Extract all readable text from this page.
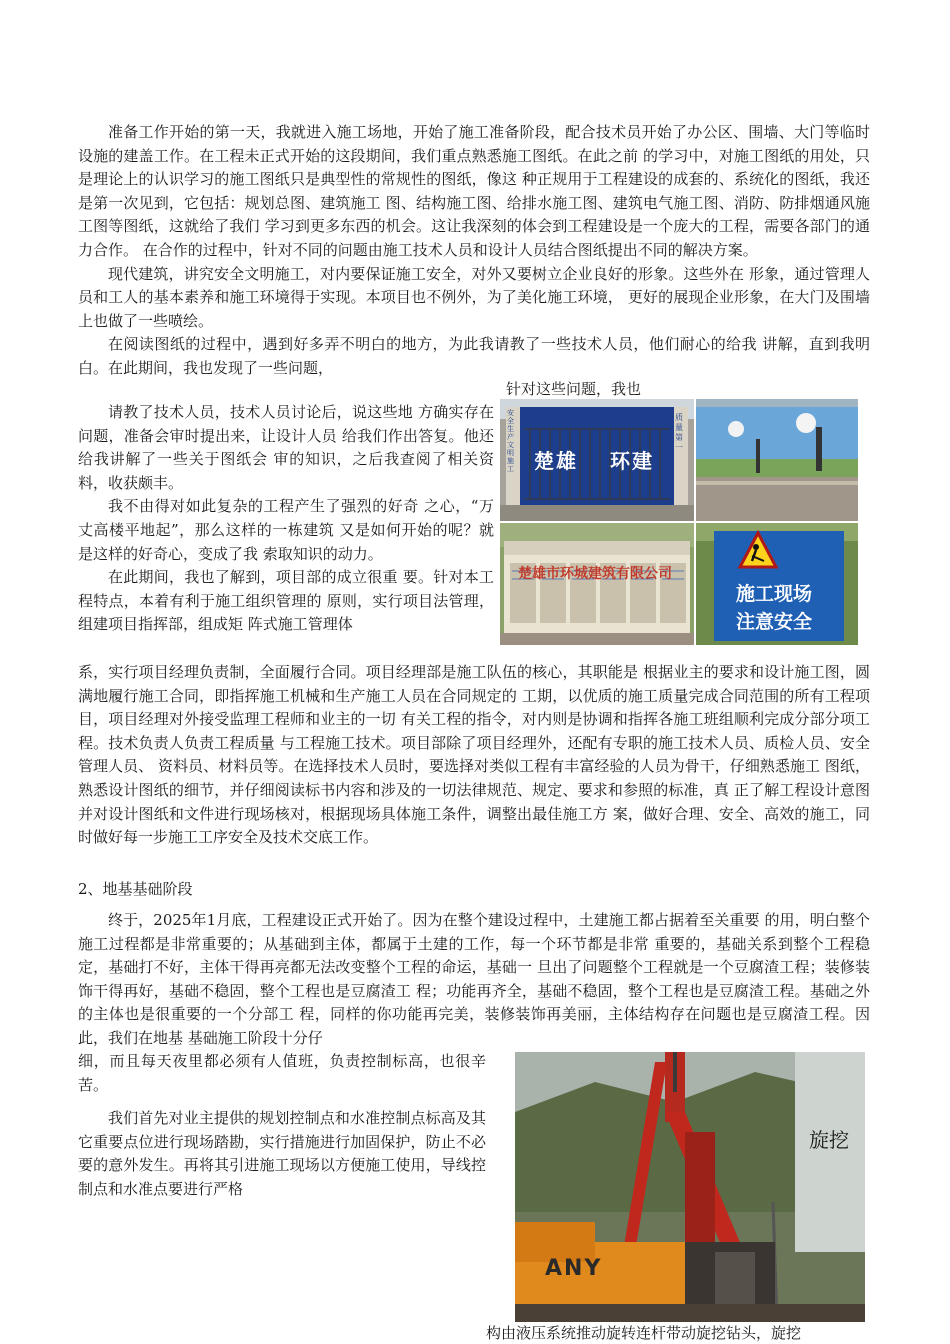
准备工作开始的第一天，我就进入施工场地，开始了施工准备阶段，配合技术员开始了办公区、围墙、大门等临时设施的建盖工作。在工程未正式开始的这段期间，我们重点熟悉施工图纸。在此之前 的学习中，对施工图纸的用处，只是理论上的认识学习的施工图纸只是典型性的常规性的图纸，像这 种正规用于工程建设的成套的、系统化的图纸，我还是第一次见到，它包括：规划总图、建筑施工 图、结构施工图、给排水施工图、建筑电气施工图、消防、防排烟通风施工图等图纸，这就给了我们 学习到更多东西的机会。这让我深刻的体会到工程建设是一个庞大的工程，需要各部门的通力合作。 在合作的过程中，针对不同的问题由施工技术人员和设计人员结合图纸提出不同的解决方案。

现代建筑，讲究安全文明施工，对内要保证施工安全，对外又要树立企业良好的形象。这些外在 形象，通过管理人员和工人的基本素养和施工环境得于实现。本项目也不例外，为了美化施工环境， 更好的展现企业形象，在大门及围墙上也做了一些喷绘。

在阅读图纸的过程中，遇到好多弄不明白的地方，为此我请教了一些技术人员，他们耐心的给我 讲解，直到我明白。在此期间，我也发现了一些问题，

针对这些问题，我也

请教了技术人员，技术人员讨论后，说这些地 方确实存在问题，准备会审时提出来，让设计人员 给我们作出答复。他还给我讲解了一些关于图纸会 审的知识，之后我查阅了相关资料，收获颇丰。

我不由得对如此复杂的工程产生了强烈的好奇 之心，“万丈高楼平地起”，那么这样的一栋建筑 又是如何开始的呢？就是这样的好奇心，变成了我 索取知识的动力。

在此期间，我也了解到，项目部的成立很重 要。针对本工程特点，本着有利于施工组织管理的 原则，实行项目法管理，组建项目指挥部，组成矩 阵式施工管理体

系，实行项目经理负责制，全面履行合同。项目经理部是施工队伍的核心，其职能是 根据业主的要求和设计施工图，圆满地履行施工合同，即指挥施工机械和生产施工人员在合同规定的 工期，以优质的施工质量完成合同范围的所有工程项目，项目经理对外接受监理工程师和业主的一切 有关工程的指令，对内则是协调和指挥各施工班组顺利完成分部分项工程。技术负责人负责工程质量 与工程施工技术。项目部除了项目经理外，还配有专职的施工技术人员、质检人员、安全管理人员、 资料员、材料员等。在选择技术人员时，要选择对类似工程有丰富经验的人员为骨干，仔细熟悉施工 图纸，熟悉设计图纸的细节，并仔细阅读标书内容和涉及的一切法律规范、规定、要求和参照的标准，真 正了解工程设计意图并对设计图纸和文件进行现场核对，根据现场具体施工条件，调整出最佳施工方 案，做好合理、安全、高效的施工，同时做好每一步施工工序安全及技术交底工作。

安全生产文明施工
质量第一
楚雄 环建
楚雄市环城建筑有限公司
施工现场
注意安全
2、地基基础阶段

终于，2025年1月底，工程建设正式开始了。因为在整个建设过程中，土建施工都占据着至关重要 的用，明白整个施工过程都是非常重要的；从基础到主体，都属于土建的工作，每一个环节都是非常 重要的，基础关系到整个工程稳定，基础打不好，主体干得再亮都无法改变整个工程的命运，基础一 旦出了问题整个工程就是一个豆腐渣工程；装修装饰干得再好，基础不稳固，整个工程也是豆腐渣工 程；功能再齐全，基础不稳固，整个工程也是豆腐渣工程。基础之外的主体也是很重要的一个分部工 程，同样的你功能再完美，装修装饰再美丽，主体结构存在问题也是豆腐渣工程。因此，我们在地基 基础施工阶段十分仔

细，而且每天夜里都必须有人值班，负责控制标高，也很辛苦。

我们首先对业主提供的规划控制点和水准控制点标高及其它重要点位进行现场踏勘，实行措施进行加固保护，防止不必要的意外发生。再将其引进施工现场以方便施工使用，导线控制点和水准点要进行严格

ANY
旋挖

构由液压系统推动旋转连杆带动旋挖钻头，旋挖
